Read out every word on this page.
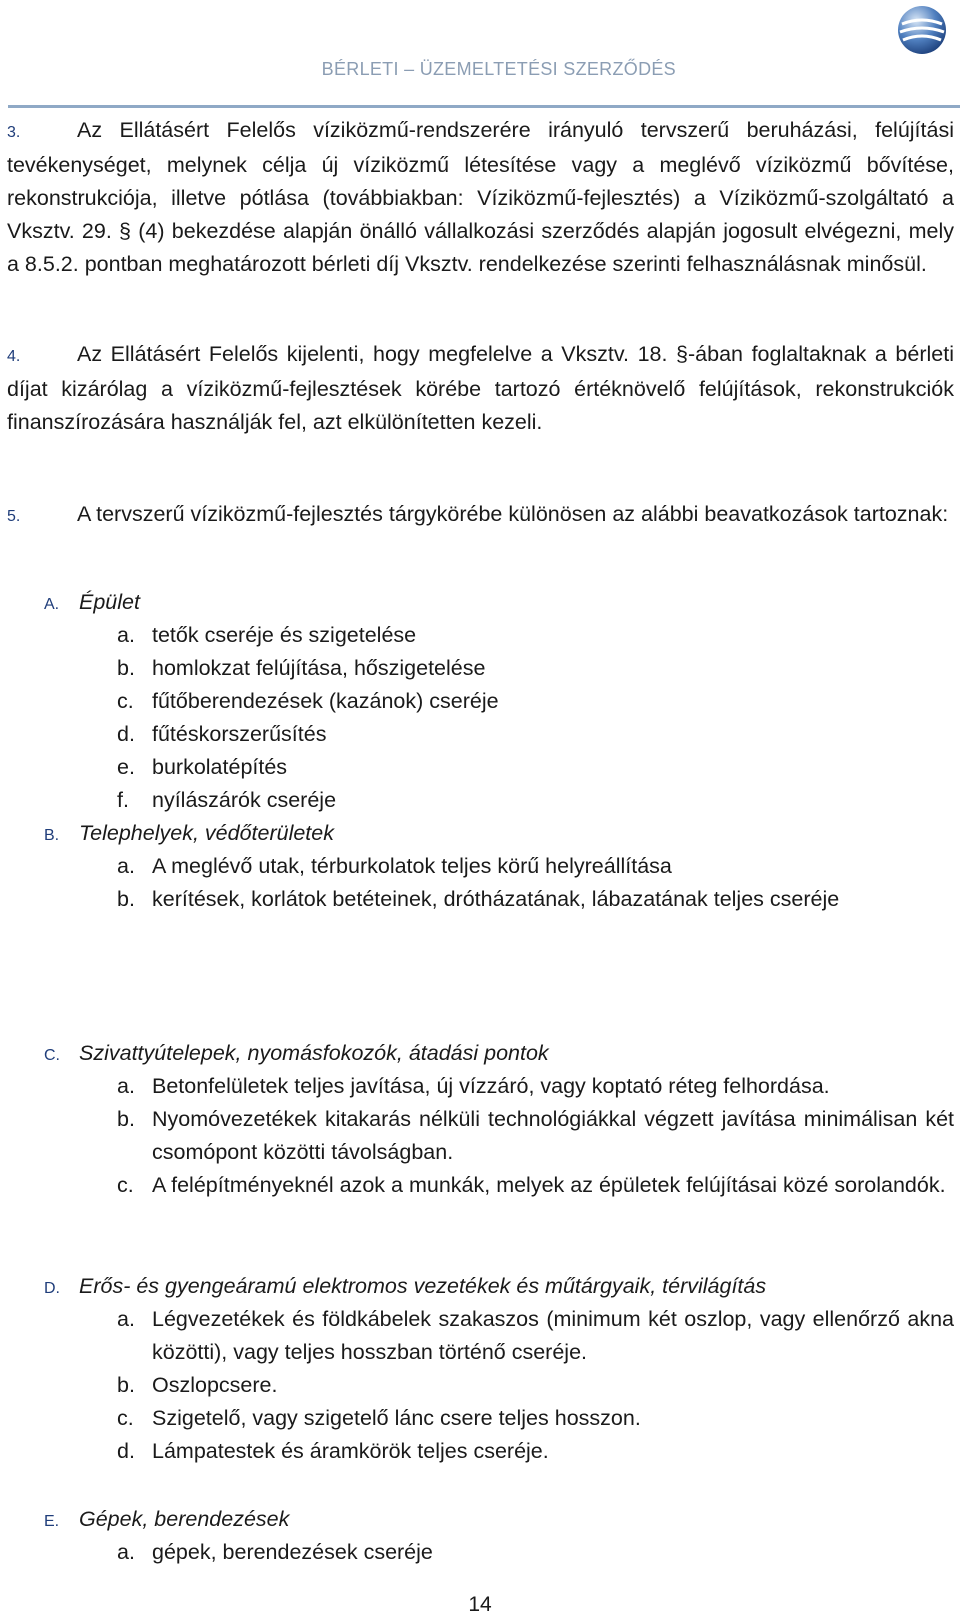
BÉRLETI – ÜZEMELTETÉSI SZERZŐDÉS

3.	Az Ellátásért Felelős víziközmű-rendszerére irányuló tervszerű beruházási, felújítási tevékenységet, melynek célja új víziközmű létesítése vagy a meglévő víziközmű bővítése, rekonstrukciója, illetve pótlása (továbbiakban: Víziközmű-fejlesztés) a Víziközmű-szolgáltató a Vksztv. 29. § (4) bekezdése alapján önálló vállalkozási szerződés alapján jogosult elvégezni, mely a 8.5.2. pontban meghatározott bérleti díj Vksztv. rendelkezése szerinti felhasználásnak minősül.

4.	Az Ellátásért Felelős kijelenti, hogy megfelelve a Vksztv. 18. §-ában foglaltaknak a bérleti díjat kizárólag a víziközmű-fejlesztések körébe tartozó értéknövelő felújítások, rekonstrukciók finanszírozására használják fel, azt elkülönítetten kezeli.

5.	A tervszerű víziközmű-fejlesztés tárgykörébe különösen az alábbi beavatkozások tartoznak:

A. Épület
a. tetők cseréje és szigetelése
b. homlokzat felújítása, hőszigetelése
c. fűtőberendezések (kazánok) cseréje
d. fűtéskorszerűsítés
e. burkolatépítés
f.	nyílászárók cseréje
B. Telephelyek, védőterületek
a. A meglévő utak, térburkolatok teljes körű helyreállítása
b. kerítések, korlátok betéteinek, drótházatának, lábazatának teljes cseréje
C. Szivattyútelepek, nyomásfokozók, átadási pontok
a. Betonfelületek teljes javítása, új vízzáró, vagy koptató réteg felhordása.
b. Nyomóvezetékek kitakarás nélküli technológiákkal végzett javítása minimálisan két csomópont közötti távolságban.
c. A felépítményeknél azok a munkák, melyek az épületek felújításai közé sorolandók.
D. Erős- és gyengeáramú elektromos vezetékek és műtárgyaik, térvilágítás
a. Légvezetékek és földkábelek szakaszos (minimum két oszlop, vagy ellenőrző akna közötti), vagy teljes hosszban történő cseréje.
b. Oszlopcsere.
c. Szigetelő, vagy szigetelő lánc csere teljes hosszon.
d. Lámpatestek és áramkörök teljes cseréje.
E. Gépek, berendezések
a. gépek, berendezések cseréje
14
